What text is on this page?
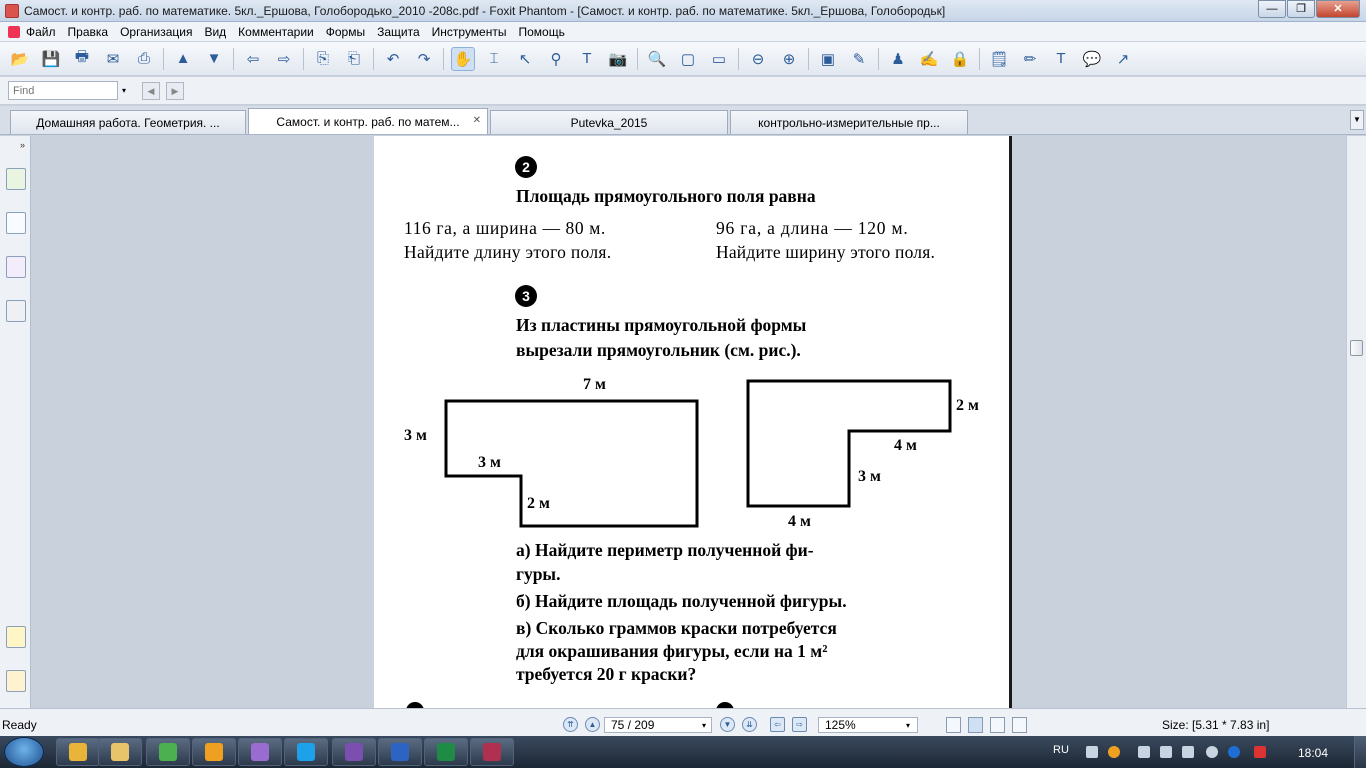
Самост. и контр. раб. по математике. 5кл._Ершова, Голобородько_2010 -208c.pdf - Foxit Phantom - [Самост. и контр. раб. по математике. 5кл._Ершова, Голобородьк]	—	❐	✕
Файл Правка Организация Вид Комментарии Формы Защита Инструменты Помощь
📂 💾 🖶	✉	⎙	▲	▼	⇦	⇨	⎘	⎗	↶	↷	✋	⌶	↖	⚲	T	📷 🔍 ▢	▭	⊖	⊕	▣	✎	♟ ✍ 🔒 🗒	✏	T	💬	↗
Find
▾	◀	▶
Домашняя работа. Геометрия. ...	Самост. и контр. раб. по матем... ✕	Putevka_2015	контрольно-измерительные пр...	▼
»
2
Площадь прямоугольного поля равна
116 га, а ширина — 80 м.
Найдите длину этого поля.
96 га, а длина — 120 м.
Найдите ширину этого поля.
3
Из пластины прямоугольной формы
вырезали прямоугольник (см. рис.).
7 м
3 м
3 м
2 м
2 м
4 м
3 м
4 м
а) Найдите периметр полученной фи-
гуры.
б) Найдите площадь полученной фигуры.
в) Сколько граммов краски потребуется
для окрашивания фигуры, если на 1 м²
требуется 20 г краски?
Ready	⇈	▲	75 / 209	▾	▼	⇊	⇦	⇨	125%	▾	Size: [5.31 * 7.83 in]
RU	18:04
